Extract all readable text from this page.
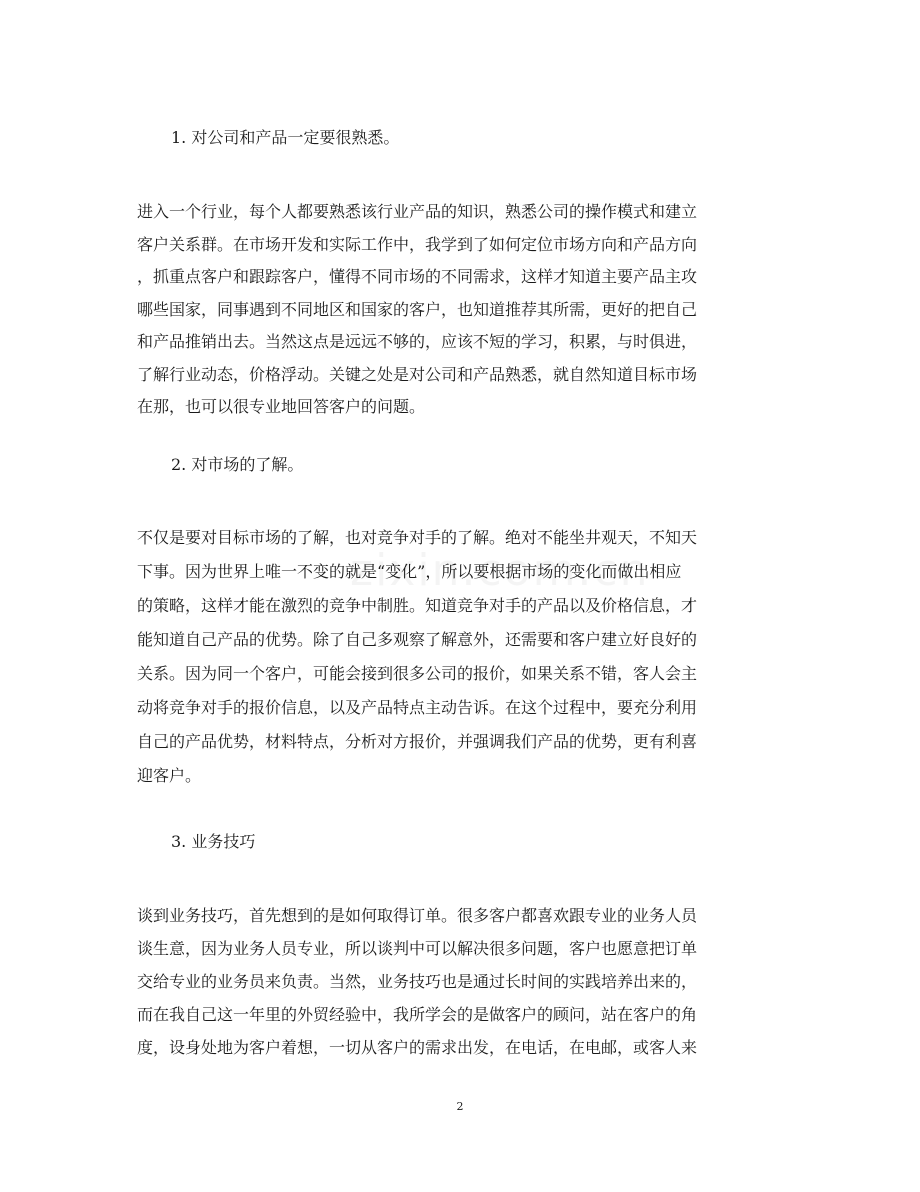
1. 对公司和产品一定要很熟悉。
进入一个行业，每个人都要熟悉该行业产品的知识，熟悉公司的操作模式和建立
客户关系群。在市场开发和实际工作中，我学到了如何定位市场方向和产品方向
，抓重点客户和跟踪客户，懂得不同市场的不同需求，这样才知道主要产品主攻
哪些国家，同事遇到不同地区和国家的客户，也知道推荐其所需，更好的把自己
和产品推销出去。当然这点是远远不够的，应该不短的学习，积累，与时俱进，
了解行业动态，价格浮动。关键之处是对公司和产品熟悉，就自然知道目标市场
在那，也可以很专业地回答客户的问题。
2. 对市场的了解。
不仅是要对目标市场的了解，也对竞争对手的了解。绝对不能坐井观天，不知天
下事。因为世界上唯一不变的就是“变化”，所以要根据市场的变化而做出相应
的策略，这样才能在激烈的竞争中制胜。知道竞争对手的产品以及价格信息，才
能知道自己产品的优势。除了自己多观察了解意外，还需要和客户建立好良好的
关系。因为同一个客户，可能会接到很多公司的报价，如果关系不错，客人会主
动将竞争对手的报价信息，以及产品特点主动告诉。在这个过程中，要充分利用
自己的产品优势，材料特点，分析对方报价，并强调我们产品的优势，更有利喜
迎客户。
3. 业务技巧
谈到业务技巧，首先想到的是如何取得订单。很多客户都喜欢跟专业的业务人员
谈生意，因为业务人员专业，所以谈判中可以解决很多问题，客户也愿意把订单
交给专业的业务员来负责。当然，业务技巧也是通过长时间的实践培养出来的，
而在我自己这一年里的外贸经验中，我所学会的是做客户的顾问，站在客户的角
度，设身处地为客户着想，一切从客户的需求出发，在电话，在电邮，或客人来
2
